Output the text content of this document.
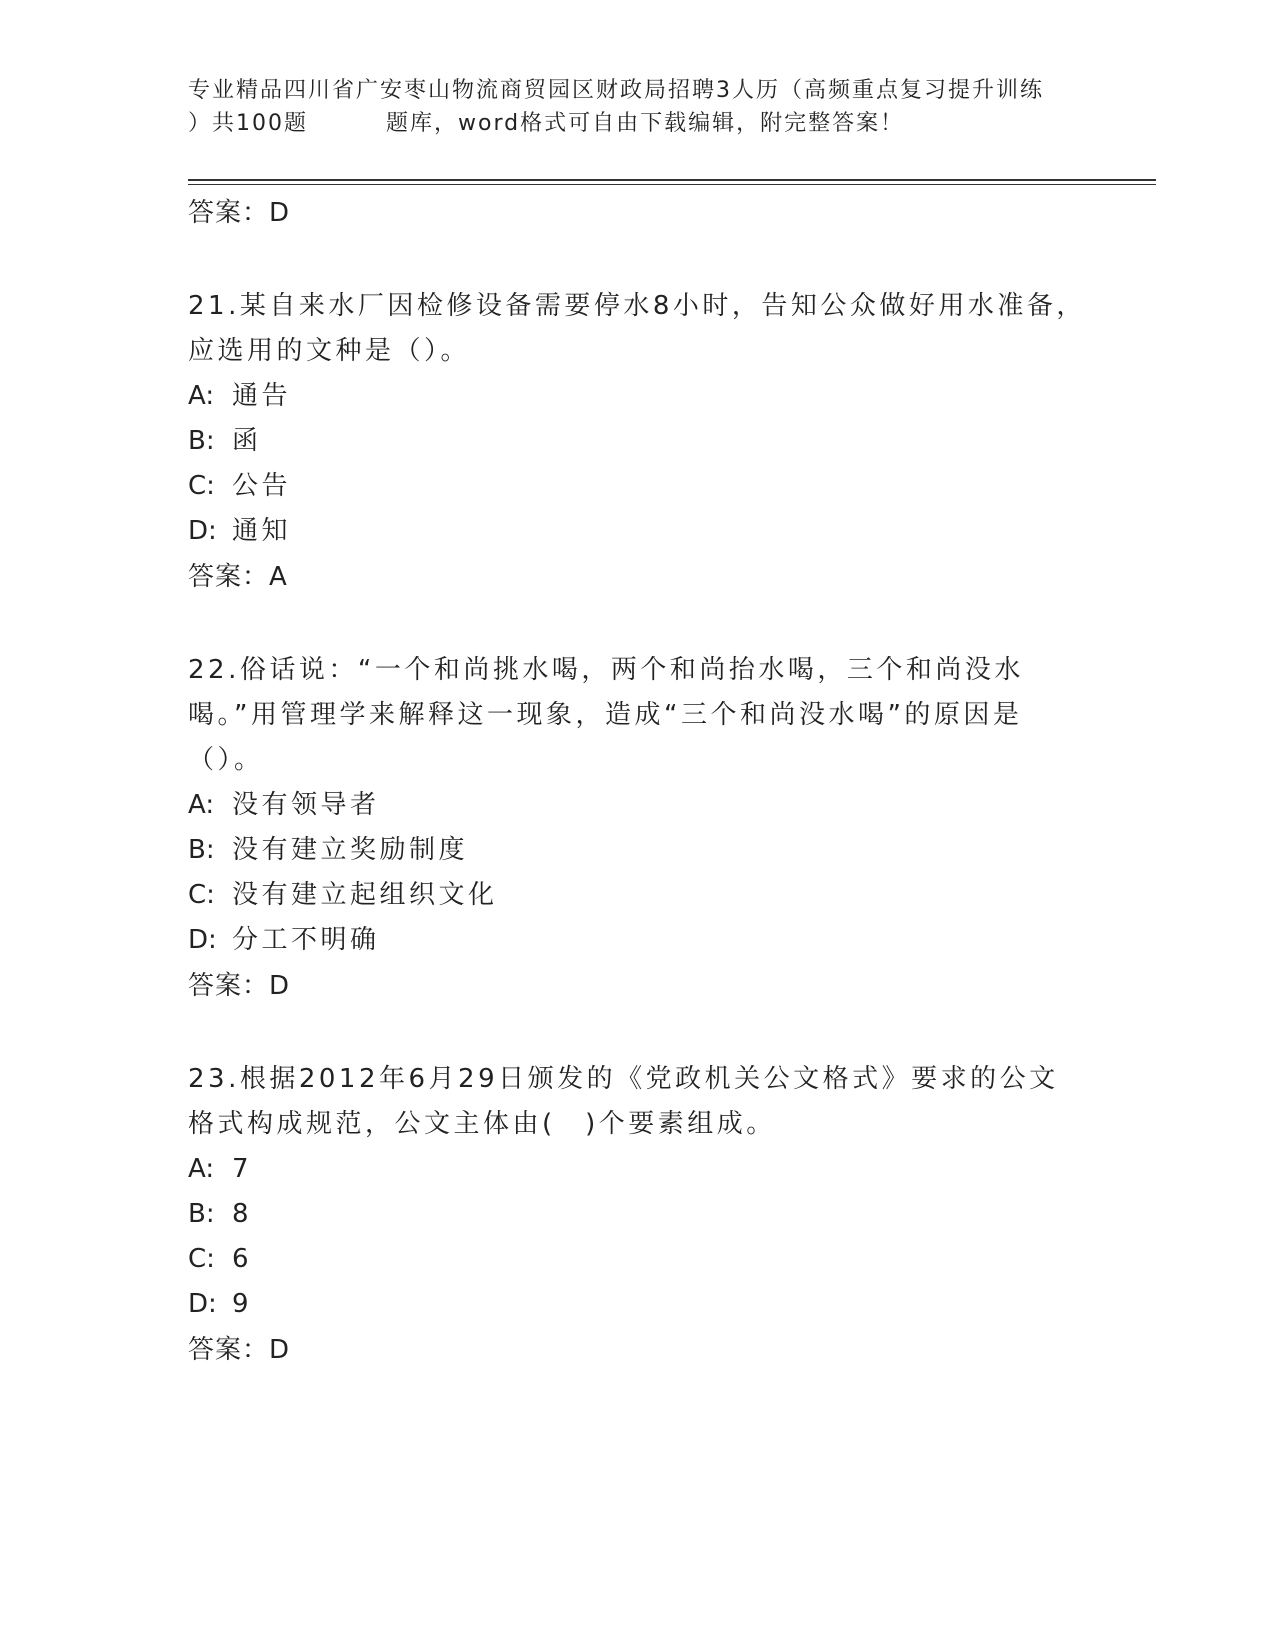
专业精品四川省广安枣山物流商贸园区财政局招聘3人历（高频重点复习提升训练
）共100题	题库，word格式可自由下载编辑，附完整答案！
答案：D
21.某自来水厂因检修设备需要停水8小时，告知公众做好用水准备，应选用的文种是（）。
A: 通告
B: 函
C: 公告
D: 通知
答案：A
22.俗话说：“一个和尚挑水喝，两个和尚抬水喝，三个和尚没水喝。”用管理学来解释这一现象，造成“三个和尚没水喝”的原因是（）。
A: 没有领导者
B: 没有建立奖励制度
C: 没有建立起组织文化
D: 分工不明确
答案：D
23.根据2012年6月29日颁发的《党政机关公文格式》要求的公文格式构成规范，公文主体由(　)个要素组成。
A: 7
B: 8
C: 6
D: 9
答案：D
